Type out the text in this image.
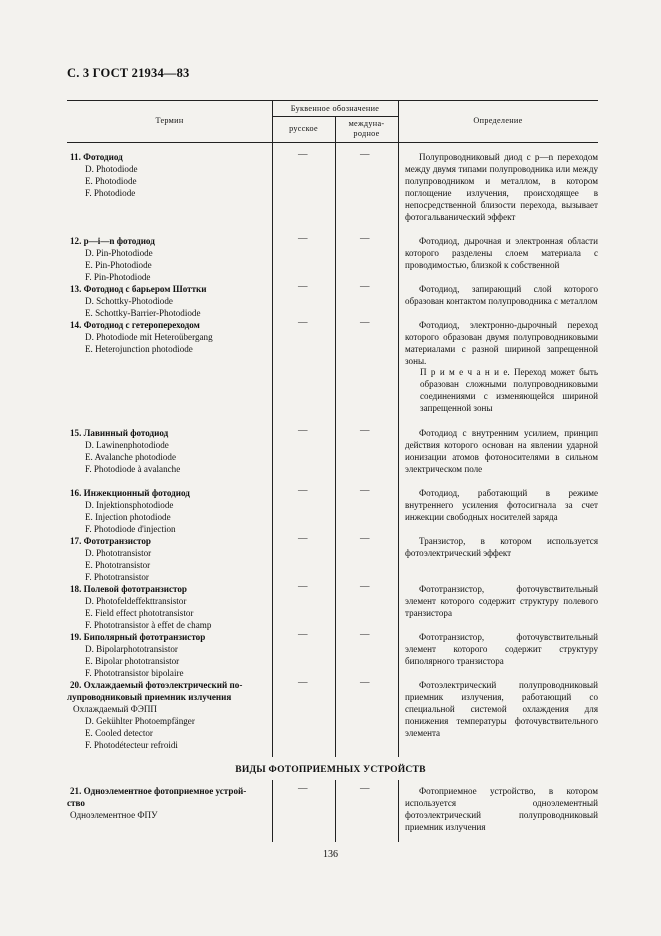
С. 3 ГОСТ 21934—83
Термин
Буквенное обозначение
русское
междуна-
родное
Определение
11. Фотодиод
D. Photodiode
E. Photodiode
F. Photodiode
—	—	Полупроводниковый диод с p—n переходом между двумя типами полупроводника или между полупроводником и металлом, в котором поглощение излучения, происходящее в непосредственной близости перехода, вызывает фотогальванический эффект
12. p—i—n фотодиод
D. Pin-Photodiode
E. Pin-Photodiode
F. Pin-Photodiode
—	—	Фотодиод, дырочная и электронная области которого разделены слоем материала с проводимостью, близкой к собственной
13. Фотодиод с барьером Шоттки
D. Schottky-Photodiode
E. Schottky-Barrier-Photodiode
—	—	Фотодиод, запирающий слой которого образован контактом полупроводника с металлом
14. Фотодиод с гетеропереходом
D. Photodiode mit Heteroübergang
E. Heterojunction photodiode
—	—	Фотодиод, электронно-дырочный переход которого образован двумя полупроводниковыми материалами с разной шириной запрещенной зоны.
П р и м е ч а н и е. Переход может быть образован сложными полупроводниковыми соединениями с изменяющейся шириной запрещенной зоны
15. Лавинный фотодиод
D. Lawinenphotodiode
E. Avalanche photodiode
F. Photodiode à avalanche
—	—	Фотодиод с внутренним усилием, принцип действия которого основан на явлении ударной ионизации атомов фотоносителями в сильном электрическом поле
16. Инжекционный фотодиод
D. Injektionsphotodiode
E. Injection photodiode
F. Photodiode d'injection
—	—	Фотодиод, работающий в режиме внутреннего усиления фотосигнала за счет инжекции свободных носителей заряда
17. Фототранзистор
D. Phototransistor
E. Phototransistor
F. Phototransistor
—	—	Транзистор, в котором используется фотоэлектрический эффект
18. Полевой фототранзистор
D. Photofeldeffekttransistor
E. Field effect phototransistor
F. Phototransistor à effet de champ
—	—	Фототранзистор, фоточувствительный элемент которого содержит структуру полевого транзистора
19. Биполярный фототранзистор
D. Bipolarphototransistor
E. Bipolar phototransistor
F. Phototransistor bipolaire
—	—	Фототранзистор, фоточувствительный элемент которого содержит структуру биполярного транзистора
20. Охлаждаемый фотоэлектрический по-
лупроводниковый приемник излучения
Охлаждаемый ФЭПП
D. Gekühlter Photoempfänger
E. Cooled detector
F. Photodétecteur refroidi
—	—	Фотоэлектрический полупроводниковый приемник излучения, работающий со специальной системой охлаждения для понижения температуры фоточувствительного элемента
ВИДЫ ФОТОПРИЕМНЫХ УСТРОЙСТВ
21. Одноэлементное фотоприемное устрой-
ство
Одноэлементное ФПУ
—	—	Фотоприемное устройство, в котором используется одноэлементный фотоэлектрический полупроводниковый приемник излучения
136
